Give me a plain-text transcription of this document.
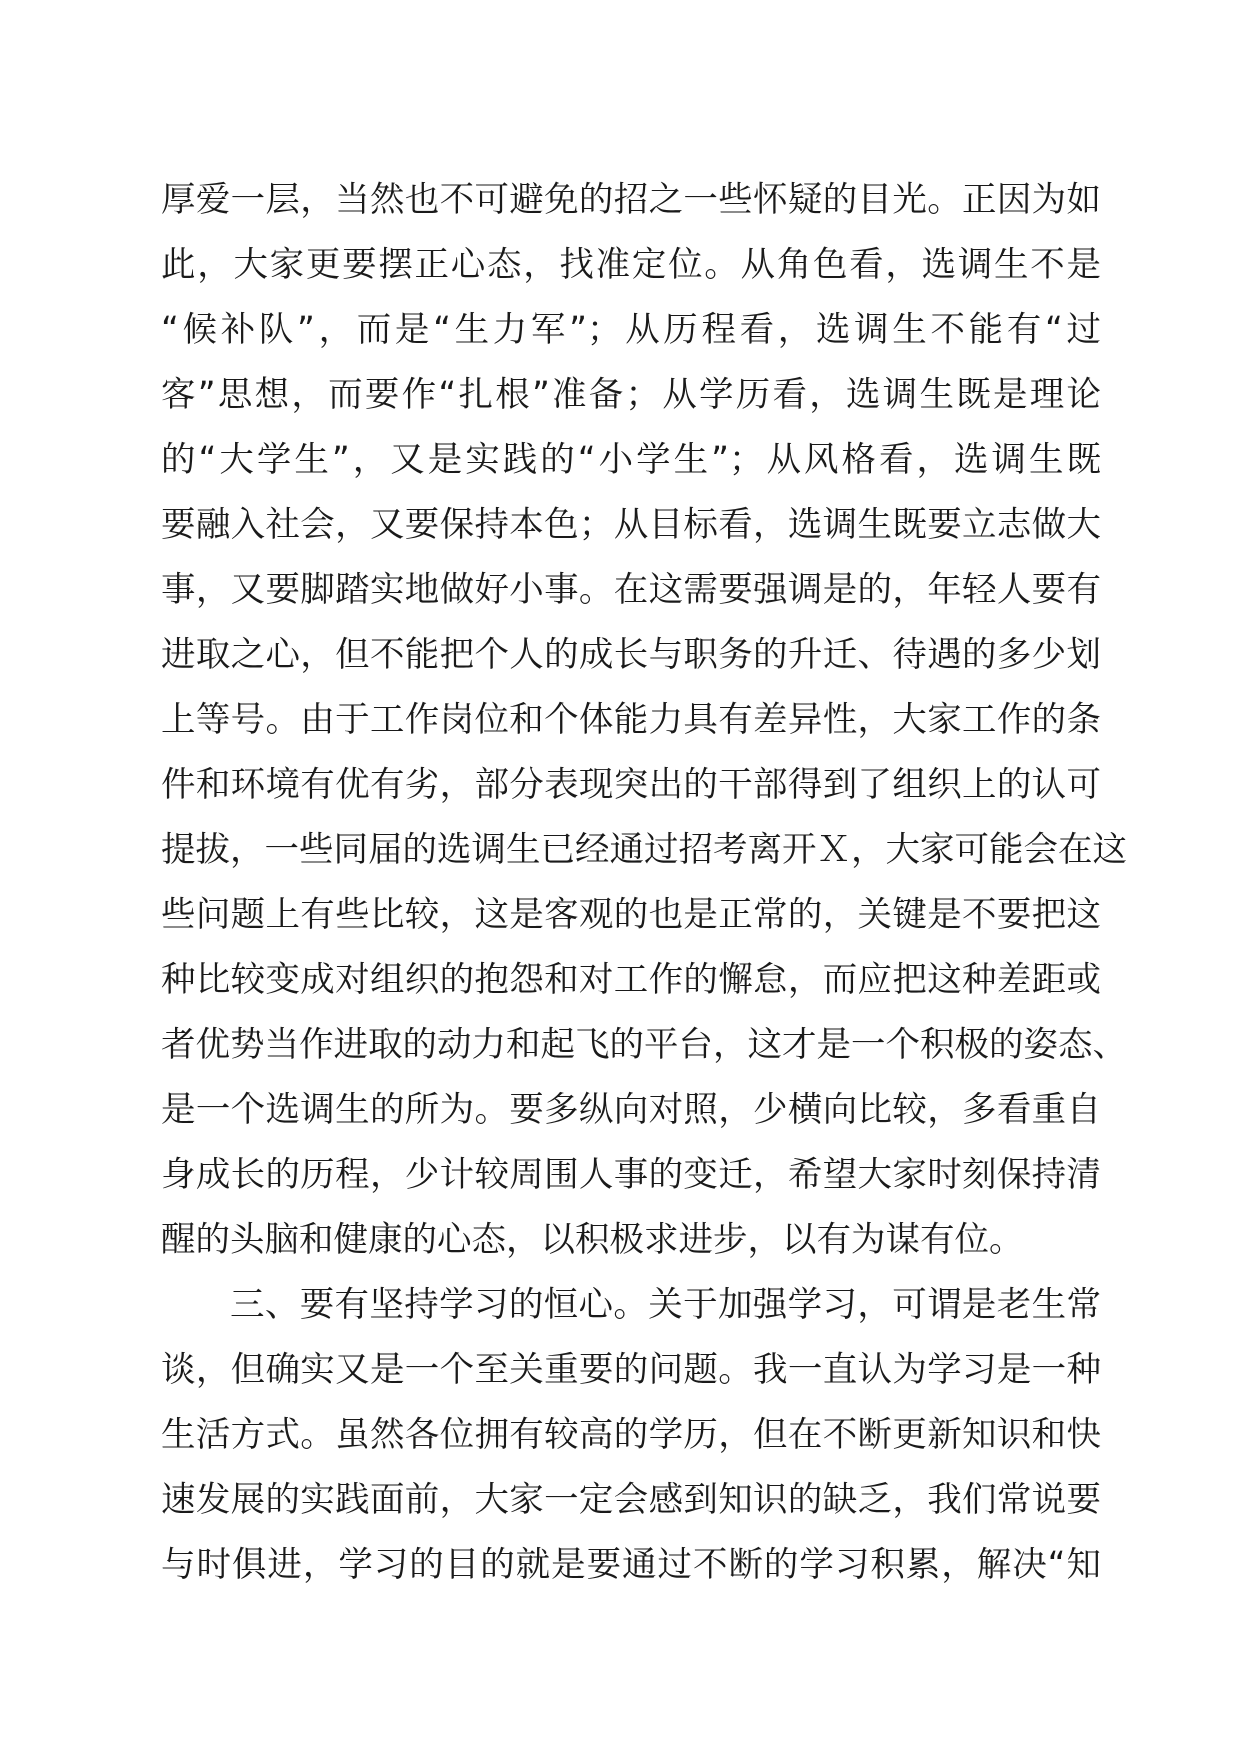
厚爱一层，当然也不可避免的招之一些怀疑的目光。正因为如
此，大家更要摆正心态，找准定位。从角色看，选调生不是
“候补队”，而是“生力军”；从历程看，选调生不能有“过
客”思想，而要作“扎根”准备；从学历看，选调生既是理论
的“大学生”，又是实践的“小学生”；从风格看，选调生既
要融入社会，又要保持本色；从目标看，选调生既要立志做大
事，又要脚踏实地做好小事。在这需要强调是的，年轻人要有
进取之心，但不能把个人的成长与职务的升迁、待遇的多少划
上等号。由于工作岗位和个体能力具有差异性，大家工作的条
件和环境有优有劣，部分表现突出的干部得到了组织上的认可
提拔，一些同届的选调生已经通过招考离开Ｘ，大家可能会在这
些问题上有些比较，这是客观的也是正常的，关键是不要把这
种比较变成对组织的抱怨和对工作的懈怠，而应把这种差距或
者优势当作进取的动力和起飞的平台，这才是一个积极的姿态、
是一个选调生的所为。要多纵向对照，少横向比较，多看重自
身成长的历程，少计较周围人事的变迁，希望大家时刻保持清
醒的头脑和健康的心态，以积极求进步，以有为谋有位。
三、要有坚持学习的恒心。关于加强学习，可谓是老生常
谈，但确实又是一个至关重要的问题。我一直认为学习是一种
生活方式。虽然各位拥有较高的学历，但在不断更新知识和快
速发展的实践面前，大家一定会感到知识的缺乏，我们常说要
与时俱进，学习的目的就是要通过不断的学习积累，解决“知
